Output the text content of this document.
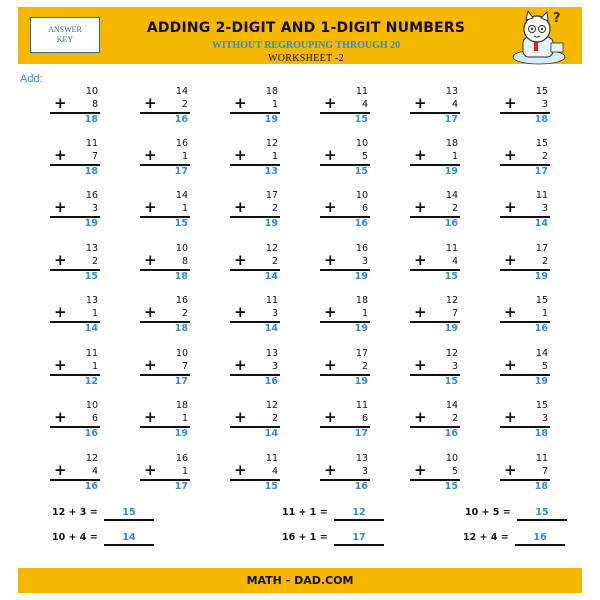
ANSWER
KEY
ADDING 2-DIGIT AND 1-DIGIT NUMBERS
WITHOUT REGROUPING THROUGH 20
WORKSHEET -2
?
Add:
10
+	8
18
14
+	2
16
18
+	1
19
11
+	4
15
13
+	4
17
15
+	3
18
11
+	7
18
16
+	1
17
12
+	1
13
10
+	5
15
18
+	1
19
15
+	2
17
16
+	3
19
14
+	1
15
17
+	2
19
10
+	6
16
14
+	2
16
11
+	3
14
13
+	2
15
10
+	8
18
12
+	2
14
16
+	3
19
11
+	4
15
17
+	2
19
13
+	1
14
16
+	2
18
11
+	3
14
18
+	1
19
12
+	7
19
15
+	1
16
11
+	1
12
10
+	7
17
13
+	3
16
17
+	2
19
12
+	3
15
14
+	5
19
10
+	6
16
18
+	1
19
12
+	2
14
11
+	6
17
14
+	2
16
15
+	3
18
12
+	4
16
16
+	1
17
11
+	4
15
13
+	3
16
10
+	5
15
11
+	7
18
12 + 3 =	15	11 + 1 =	12	10 + 5 =	15
10 + 4 =	14	16 + 1 =	17	12 + 4 =	16
MATH - DAD.COM
